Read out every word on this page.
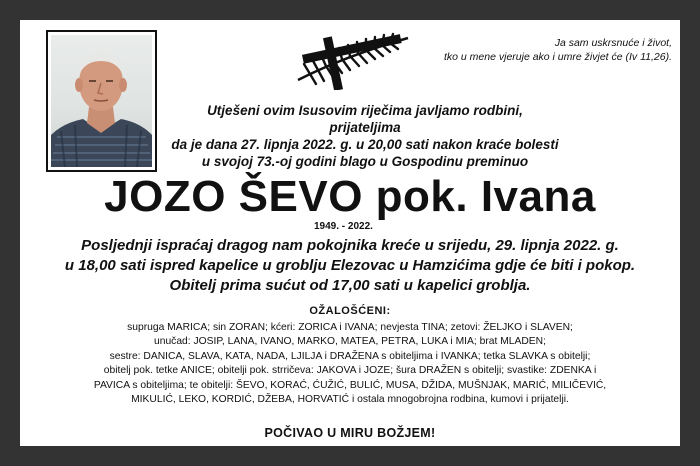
Ja sam uskrsnuće i život,
tko u mene vjeruje ako i umre živjet će (Iv 11,26).
Utješeni ovim Isusovim riječima javljamo rodbini, prijateljima
da je dana 27. lipnja 2022. g. u 20,00 sati nakon kraće bolesti
u svojoj 73.-oj godini blago u Gospodinu preminuo
JOZO ŠEVO pok. Ivana
1949. - 2022.
Posljednji ispraćaj dragog nam pokojnika kreće u srijedu, 29. lipnja 2022. g.
u 18,00 sati ispred kapelice u groblju Elezovac u Hamzićima gdje će biti i pokop.
Obitelj prima sućut od 17,00 sati u kapelici groblja.
OŽALOŠĆENI:
supruga MARICA; sin ZORAN; kćeri: ZORICA i IVANA; nevjesta TINA; zetovi: ŽELJKO i SLAVEN;
unučad: JOSIP, LANA, IVANO, MARKO, MATEA, PETRA, LUKA i MIA; brat MLADEN;
sestre: DANICA, SLAVA, KATA, NADA, LJILJA i DRAŽENA s obiteljima i IVANKA; tetka SLAVKA s obitelji;
obitelj pok. tetke ANICE; obitelji pok. strričeva: JAKOVA i JOZE; šura DRAŽEN s obitelji; svastike: ZDENKA i
PAVICA s obiteljima; te obitelji: ŠEVO, KORAĆ, ĆUŽIĆ, BULIĆ, MUSA, DŽIDA, MUŠNJAK, MARIĆ, MILIČEVIĆ,
MIKULIĆ, LEKO, KORDIĆ, DŽEBA, HORVATIĆ i ostala mnogobrojna rodbina, kumovi i prijatelji.
POČIVAO U MIRU BOŽJEM!
